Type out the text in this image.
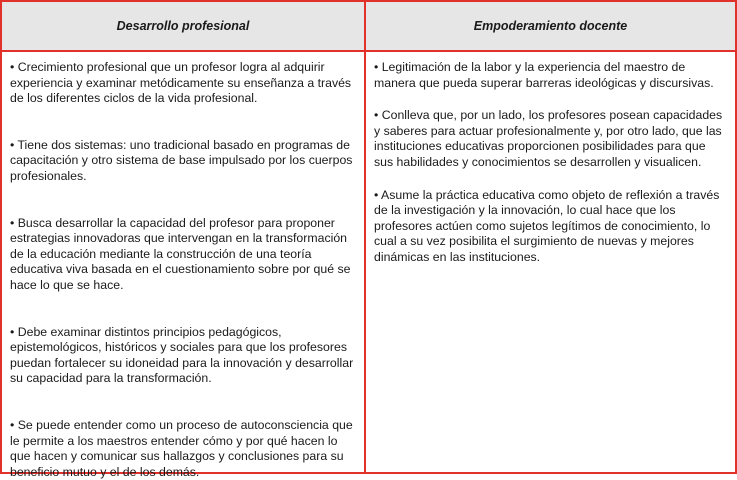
Desarrollo profesional

• Crecimiento profesional que un profesor logra al adquirir experiencia y examinar metódicamente su enseñanza a través de los diferentes ciclos de la vida profesional.

• Tiene dos sistemas: uno tradicional basado en programas de capacitación y otro sistema de base impulsado por los cuerpos profesionales.

• Busca desarrollar la capacidad del profesor para proponer estrategias innovadoras que intervengan en la transformación de la educación mediante la construcción de una teoría educativa viva basada en el cuestionamiento sobre por qué se hace lo que se hace.

• Debe examinar distintos principios pedagógicos, epistemológicos, históricos y sociales para que los profesores puedan fortalecer su idoneidad para la innovación y desarrollar su capacidad para la transformación.

• Se puede entender como un proceso de autoconsciencia que le permite a los maestros entender cómo y por qué hacen lo que hacen y comunicar sus hallazgos y conclusiones para su beneficio mutuo y el de los demás.

Empoderamiento docente

• Legitimación de la labor y la experiencia del maestro de manera que pueda superar barreras ideológicas y discursivas.

• Conlleva que, por un lado, los profesores posean capacidades y saberes para actuar profesionalmente y, por otro lado, que las instituciones educativas proporcionen posibilidades para que sus habilidades y conocimientos se desarrollen y visualicen.

• Asume la práctica educativa como objeto de reflexión a través de la investigación y la innovación, lo cual hace que los profesores actúen como sujetos legítimos de conocimiento, lo cual a su vez posibilita el surgimiento de nuevas y mejores dinámicas en las instituciones.
